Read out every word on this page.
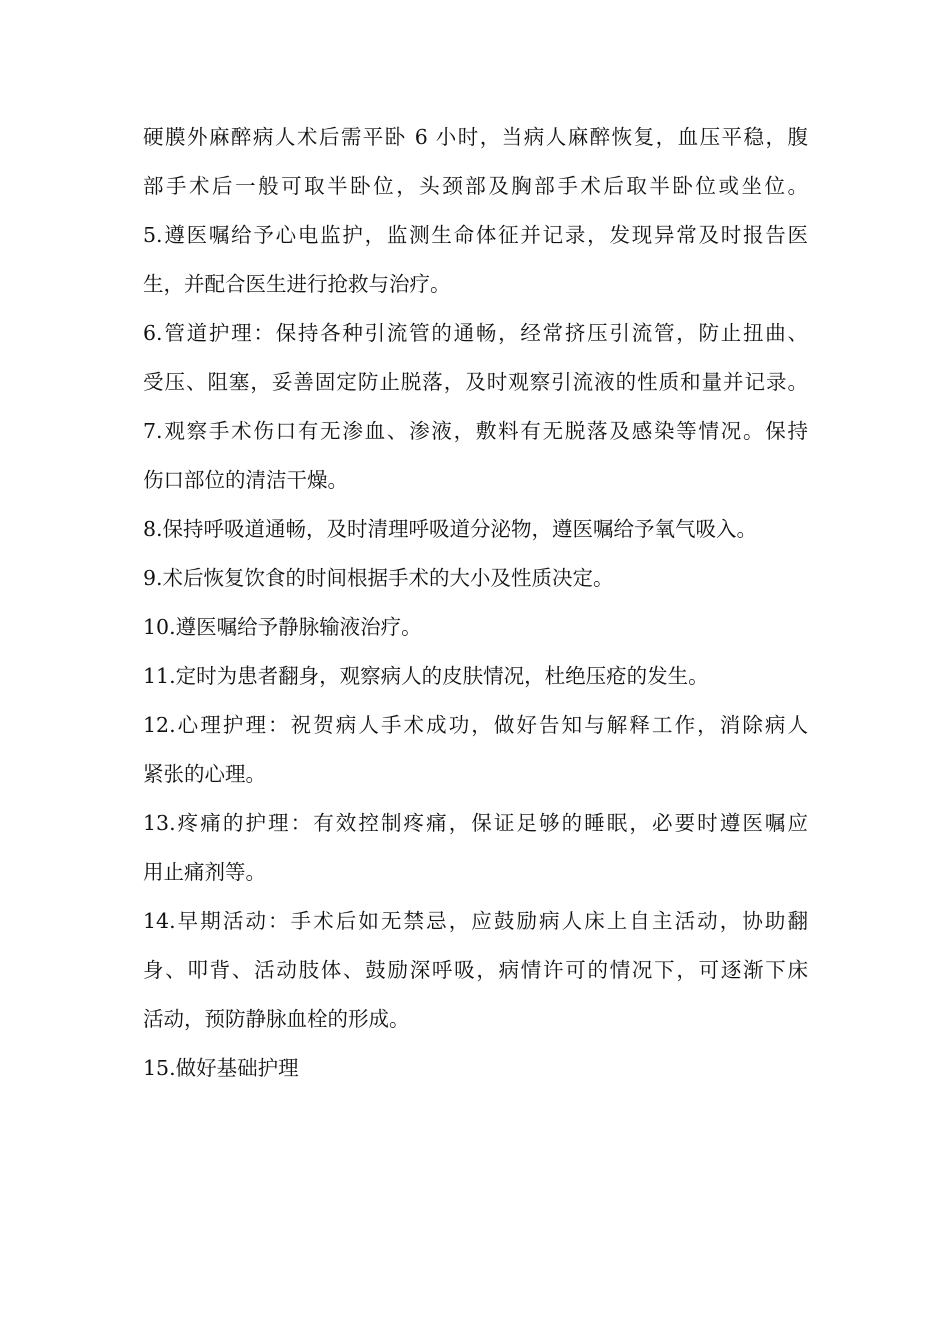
硬膜外麻醉病人术后需平卧 6 小时，当病人麻醉恢复，血压平稳，腹
部手术后一般可取半卧位，头颈部及胸部手术后取半卧位或坐位。
5.遵医嘱给予心电监护，监测生命体征并记录，发现异常及时报告医
生，并配合医生进行抢救与治疗。
6.管道护理：保持各种引流管的通畅，经常挤压引流管，防止扭曲、
受压、阻塞，妥善固定防止脱落，及时观察引流液的性质和量并记录。
7.观察手术伤口有无渗血、渗液，敷料有无脱落及感染等情况。保持
伤口部位的清洁干燥。
8.保持呼吸道通畅，及时清理呼吸道分泌物，遵医嘱给予氧气吸入。
9.术后恢复饮食的时间根据手术的大小及性质决定。
10.遵医嘱给予静脉输液治疗。
11.定时为患者翻身，观察病人的皮肤情况，杜绝压疮的发生。
12.心理护理：祝贺病人手术成功，做好告知与解释工作，消除病人
紧张的心理。
13.疼痛的护理：有效控制疼痛，保证足够的睡眠，必要时遵医嘱应
用止痛剂等。
14.早期活动：手术后如无禁忌，应鼓励病人床上自主活动，协助翻
身、叩背、活动肢体、鼓励深呼吸，病情许可的情况下，可逐渐下床
活动，预防静脉血栓的形成。
15.做好基础护理
